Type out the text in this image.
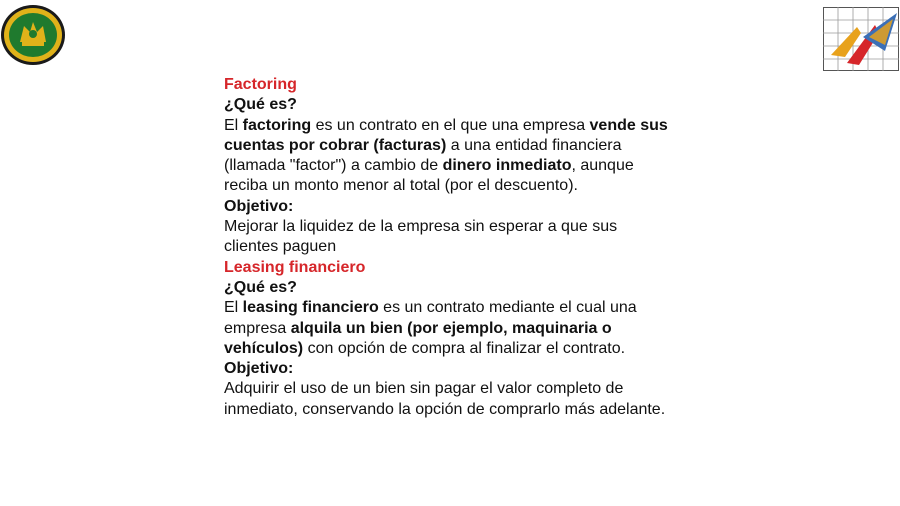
Factoring

¿Qué es?

El factoring es un contrato en el que una empresa vende sus cuentas por cobrar (facturas) a una entidad financiera (llamada "factor") a cambio de dinero inmediato, aunque reciba un monto menor al total (por el descuento).

Objetivo:

Mejorar la liquidez de la empresa sin esperar a que sus clientes paguen

Leasing financiero

¿Qué es?

El leasing financiero es un contrato mediante el cual una empresa alquila un bien (por ejemplo, maquinaria o vehículos) con opción de compra al finalizar el contrato.

Objetivo:

Adquirir el uso de un bien sin pagar el valor completo de inmediato, conservando la opción de comprarlo más adelante.
